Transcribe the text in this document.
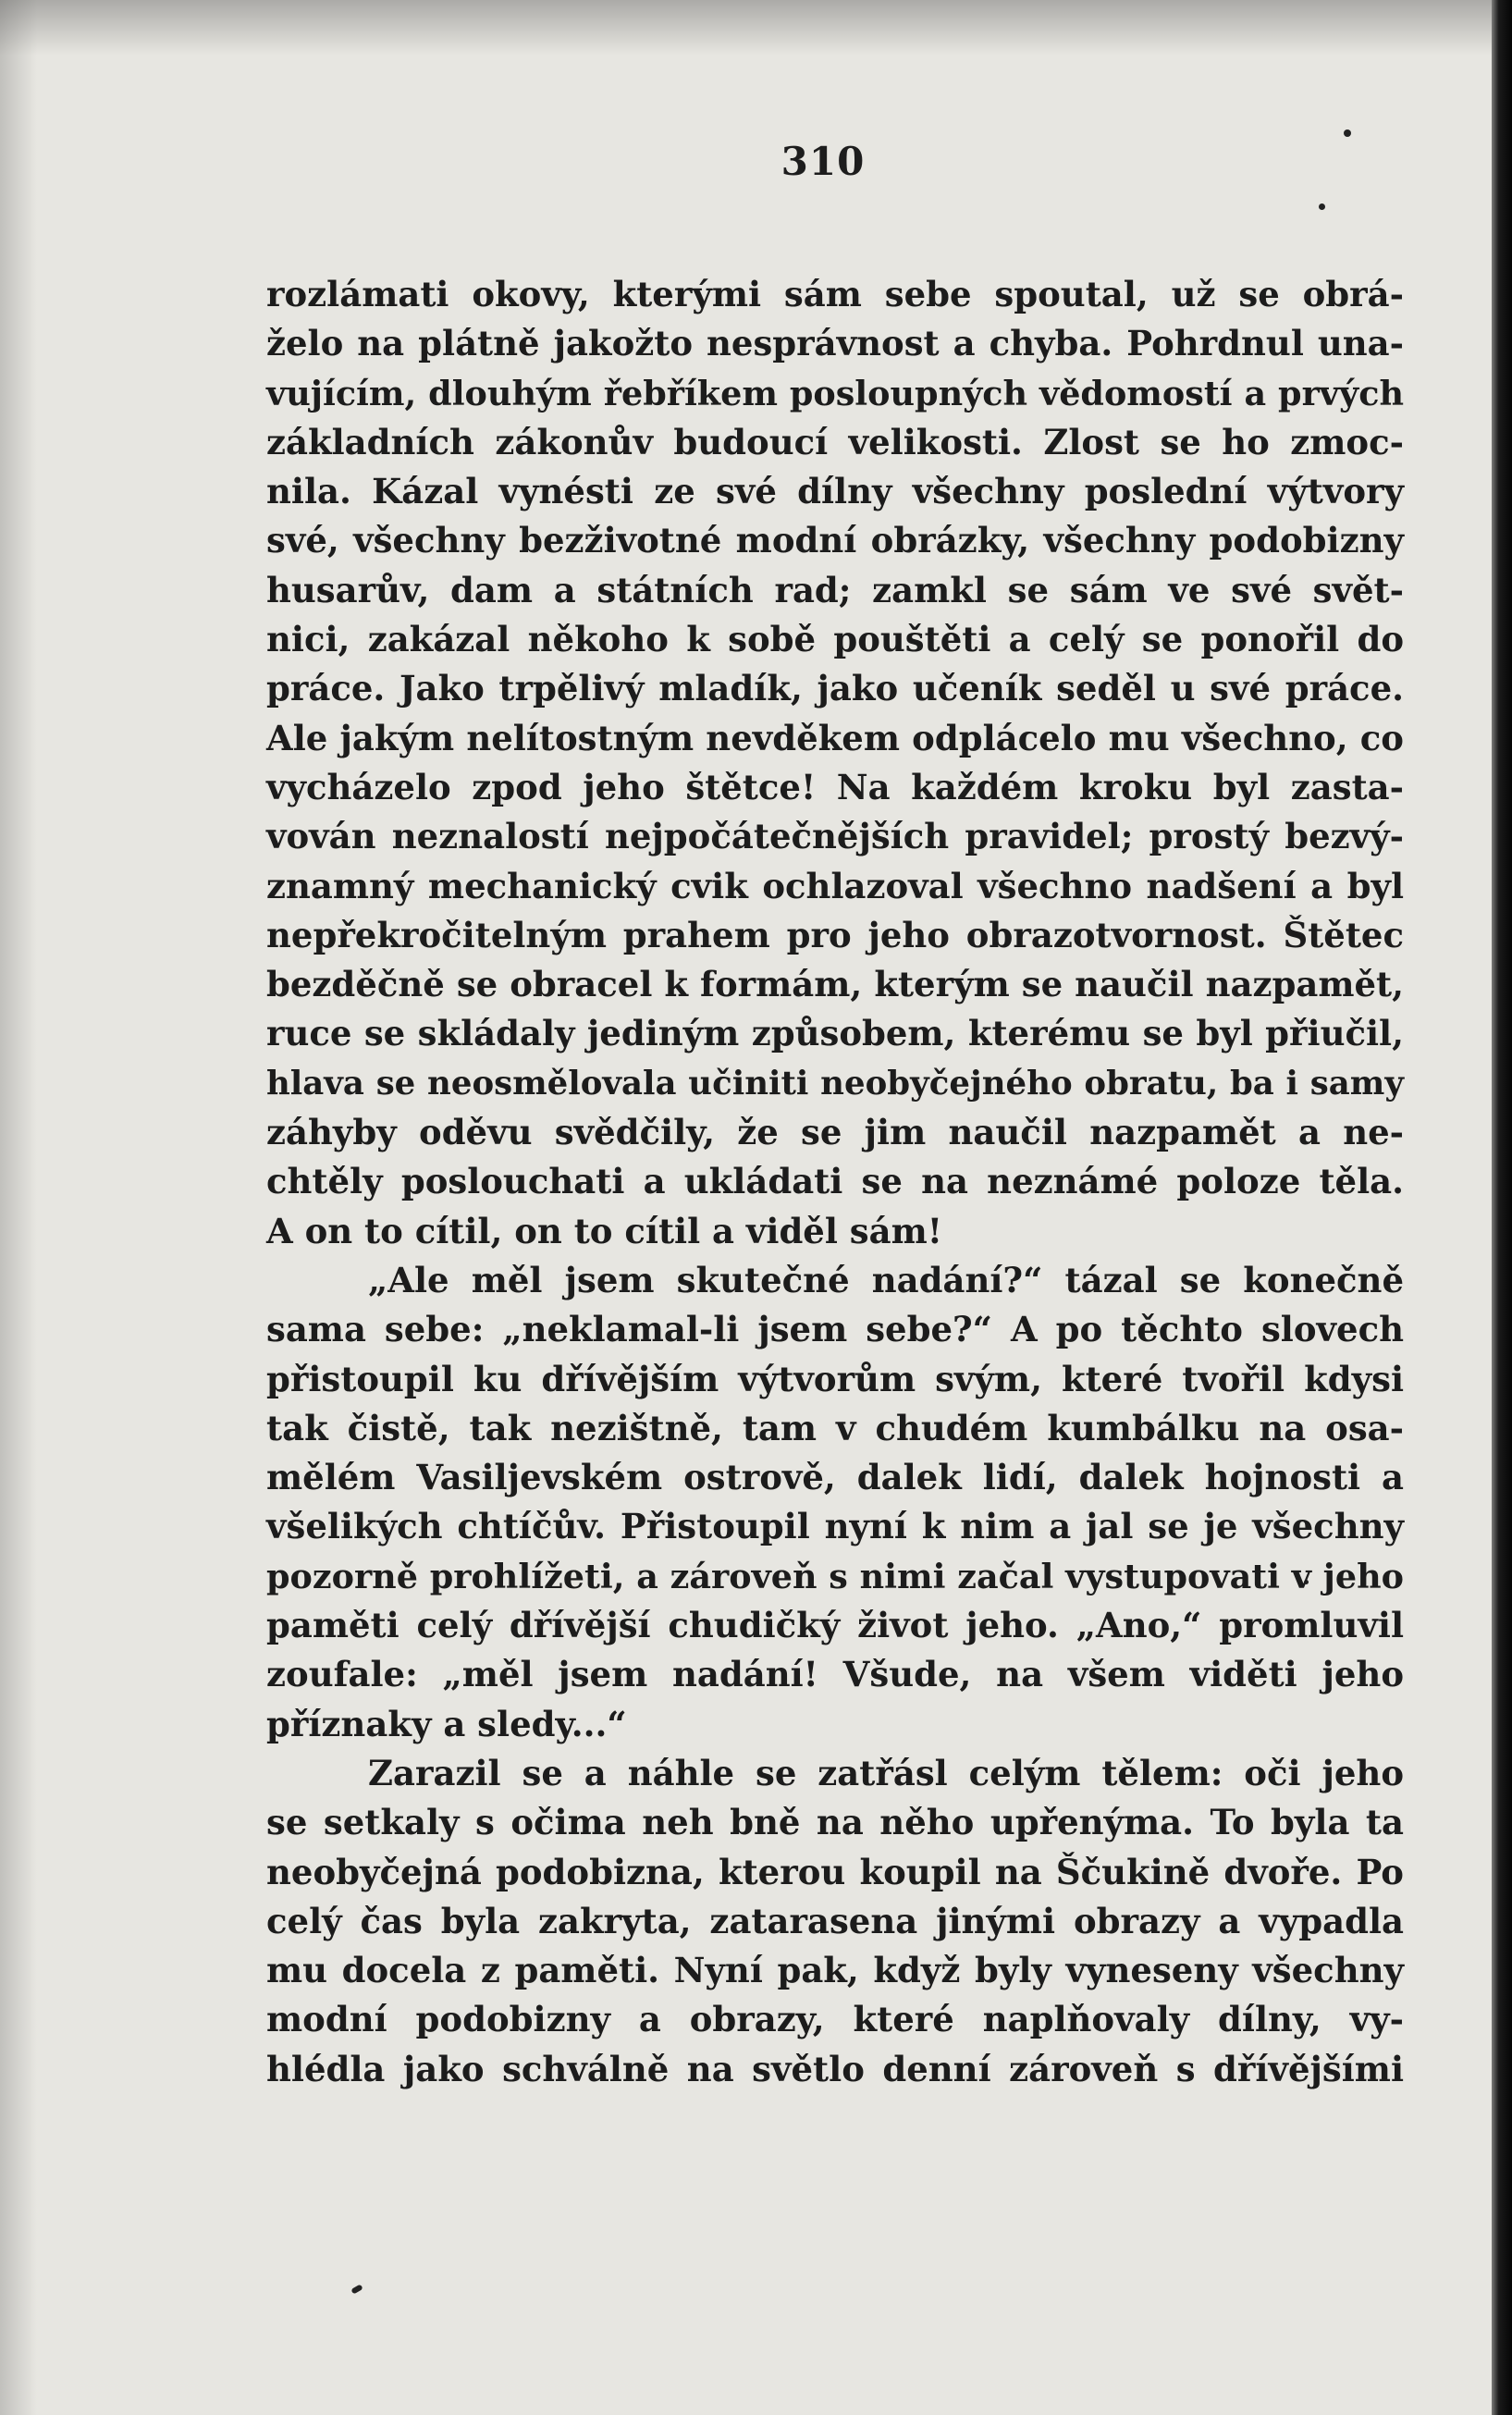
310
rozlámati okovy, kterými sám sebe spoutal, už se obrá-
želo na plátně jakožto nesprávnost a chyba. Pohrdnul una-
vujícím, dlouhým řebříkem posloupných vědomostí a prvých
základních zákonův budoucí velikosti. Zlost se ho zmoc-
nila. Kázal vynésti ze své dílny všechny poslední výtvory
své, všechny bezživotné modní obrázky, všechny podobizny
husarův, dam a státních rad; zamkl se sám ve své svět-
nici, zakázal někoho k sobě pouštěti a celý se ponořil do
práce. Jako trpělivý mladík, jako učeník seděl u své práce.
Ale jakým nelítostným nevděkem odplácelo mu všechno, co
vycházelo zpod jeho štětce! Na každém kroku byl zasta-
vován neznalostí nejpočátečnějších pravidel; prostý bezvý-
znamný mechanický cvik ochlazoval všechno nadšení a byl
nepřekročitelným prahem pro jeho obrazotvornost. Štětec
bezděčně se obracel k formám, kterým se naučil nazpamět,
ruce se skládaly jediným způsobem, kterému se byl přiučil,
hlava se neosmělovala učiniti neobyčejného obratu, ba i samy
záhyby oděvu svědčily, že se jim naučil nazpamět a ne-
chtěly poslouchati a ukládati se na neznámé poloze těla.
A on to cítil, on to cítil a viděl sám!
„Ale měl jsem skutečné nadání?“ tázal se konečně
sama sebe: „neklamal-li jsem sebe?“ A po těchto slovech
přistoupil ku dřívějším výtvorům svým, které tvořil kdysi
tak čistě, tak nezištně, tam v chudém kumbálku na osa-
mělém Vasiljevském ostrově, dalek lidí, dalek hojnosti a
všelikých chtíčův. Přistoupil nyní k nim a jal se je všechny
pozorně prohlížeti, a zároveň s nimi začal vystupovati v jeho
paměti celý dřívější chudičký život jeho. „Ano,“ promluvil
zoufale: „měl jsem nadání! Všude, na všem viděti jeho
příznaky a sledy...“
Zarazil se a náhle se zatřásl celým tělem: oči jeho
se setkaly s očima neh bně na něho upřenýma. To byla ta
neobyčejná podobizna, kterou koupil na Ščukině dvoře. Po
celý čas byla zakryta, zatarasena jinými obrazy a vypadla
mu docela z paměti. Nyní pak, když byly vyneseny všechny
modní podobizny a obrazy, které naplňovaly dílny, vy-
hlédla jako schválně na světlo denní zároveň s dřívějšími
